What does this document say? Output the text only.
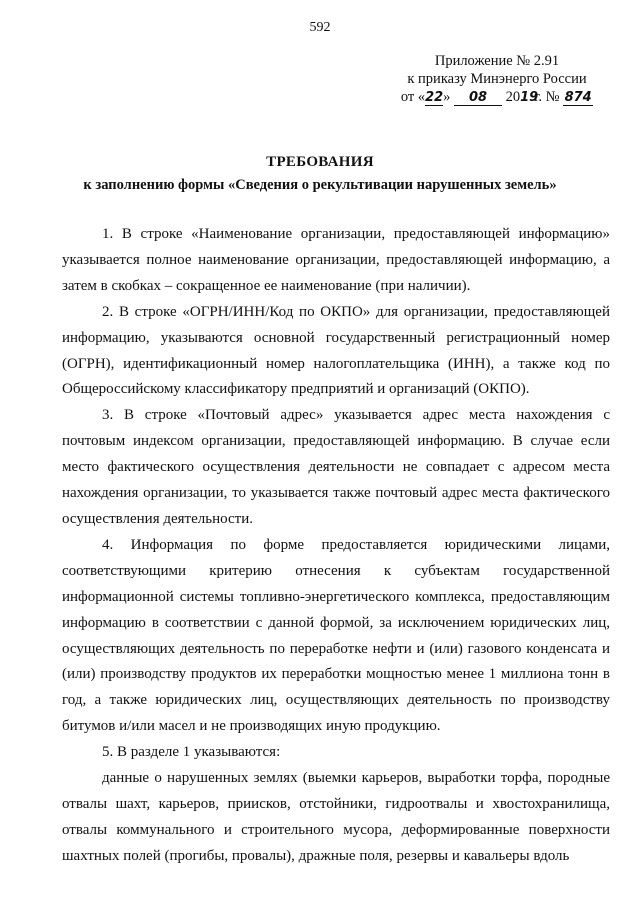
592
Приложение № 2.91
к приказу Минэнерго России
от «22» 08 2019г. № 874
ТРЕБОВАНИЯ
к заполнению формы «Сведения о рекультивации нарушенных земель»

1. В строке «Наименование организации, предоставляющей информацию» указывается полное наименование организации, предоставляющей информацию, а затем в скобках – сокращенное ее наименование (при наличии).

2. В строке «ОГРН/ИНН/Код по ОКПО» для организации, предоставляющей информацию, указываются основной государственный регистрационный номер (ОГРН), идентификационный номер налогоплательщика (ИНН), а также код по Общероссийскому классификатору предприятий и организаций (ОКПО).

3. В строке «Почтовый адрес» указывается адрес места нахождения с почтовым индексом организации, предоставляющей информацию. В случае если место фактического осуществления деятельности не совпадает с адресом места нахождения организации, то указывается также почтовый адрес места фактического осуществления деятельности.

4. Информация по форме предоставляется юридическими лицами, соответствующими критерию отнесения к субъектам государственной информационной системы топливно-энергетического комплекса, предоставляющим информацию в соответствии с данной формой, за исключением юридических лиц, осуществляющих деятельность по переработке нефти и (или) газового конденсата и (или) производству продуктов их переработки мощностью менее 1 миллиона тонн в год, а также юридических лиц, осуществляющих деятельность по производству битумов и/или масел и не производящих иную продукцию.

5. В разделе 1 указываются:

данные о нарушенных землях (выемки карьеров, выработки торфа, породные отвалы шахт, карьеров, приисков, отстойники, гидроотвалы и хвостохранилища, отвалы коммунального и строительного мусора, деформированные поверхности шахтных полей (прогибы, провалы), дражные поля, резервы и кавальеры вдоль
